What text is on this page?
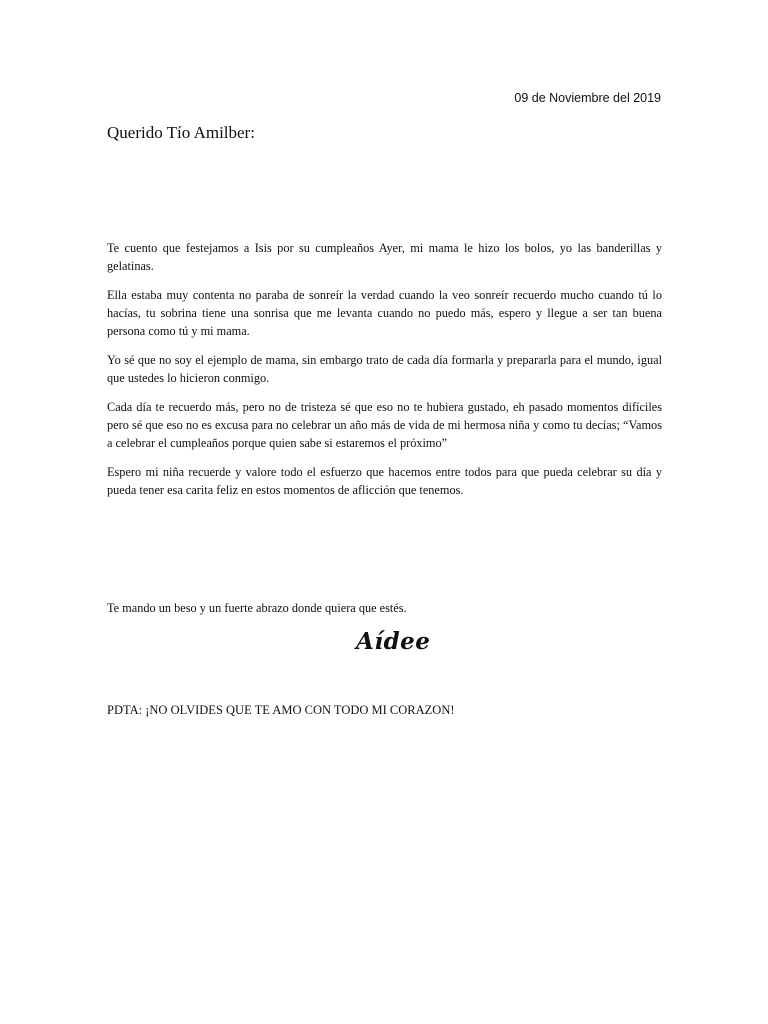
09 de Noviembre del 2019
Querido Tío Amilber:

Te cuento que festejamos a Isis por su cumpleaños Ayer, mi mama le hizo los bolos, yo las banderillas y gelatinas.

Ella estaba muy contenta no paraba de sonreír la verdad cuando la veo sonreír recuerdo mucho cuando tú lo hacías, tu sobrina tiene una sonrisa que me levanta cuando no puedo más, espero y llegue a ser tan buena persona como tú y mi mama.

Yo sé que no soy el ejemplo de mama, sin embargo trato de cada día formarla y prepararla para el mundo, igual que ustedes lo hicieron conmigo.

Cada día te recuerdo más, pero no de tristeza sé que eso no te hubiera gustado, eh pasado momentos difíciles pero sé que eso no es excusa para no celebrar un año más de vida de mi hermosa niña y como tu decías; “Vamos a celebrar el cumpleaños porque quien sabe si estaremos el próximo”

Espero mi niña recuerde y valore todo el esfuerzo que hacemos entre todos para que pueda celebrar su día y pueda tener esa carita feliz en estos momentos de aflicción que tenemos.

Te mando un beso y un fuerte abrazo donde quiera que estés.
Aídee
PDTA: ¡NO OLVIDES QUE TE AMO CON TODO MI CORAZON!
